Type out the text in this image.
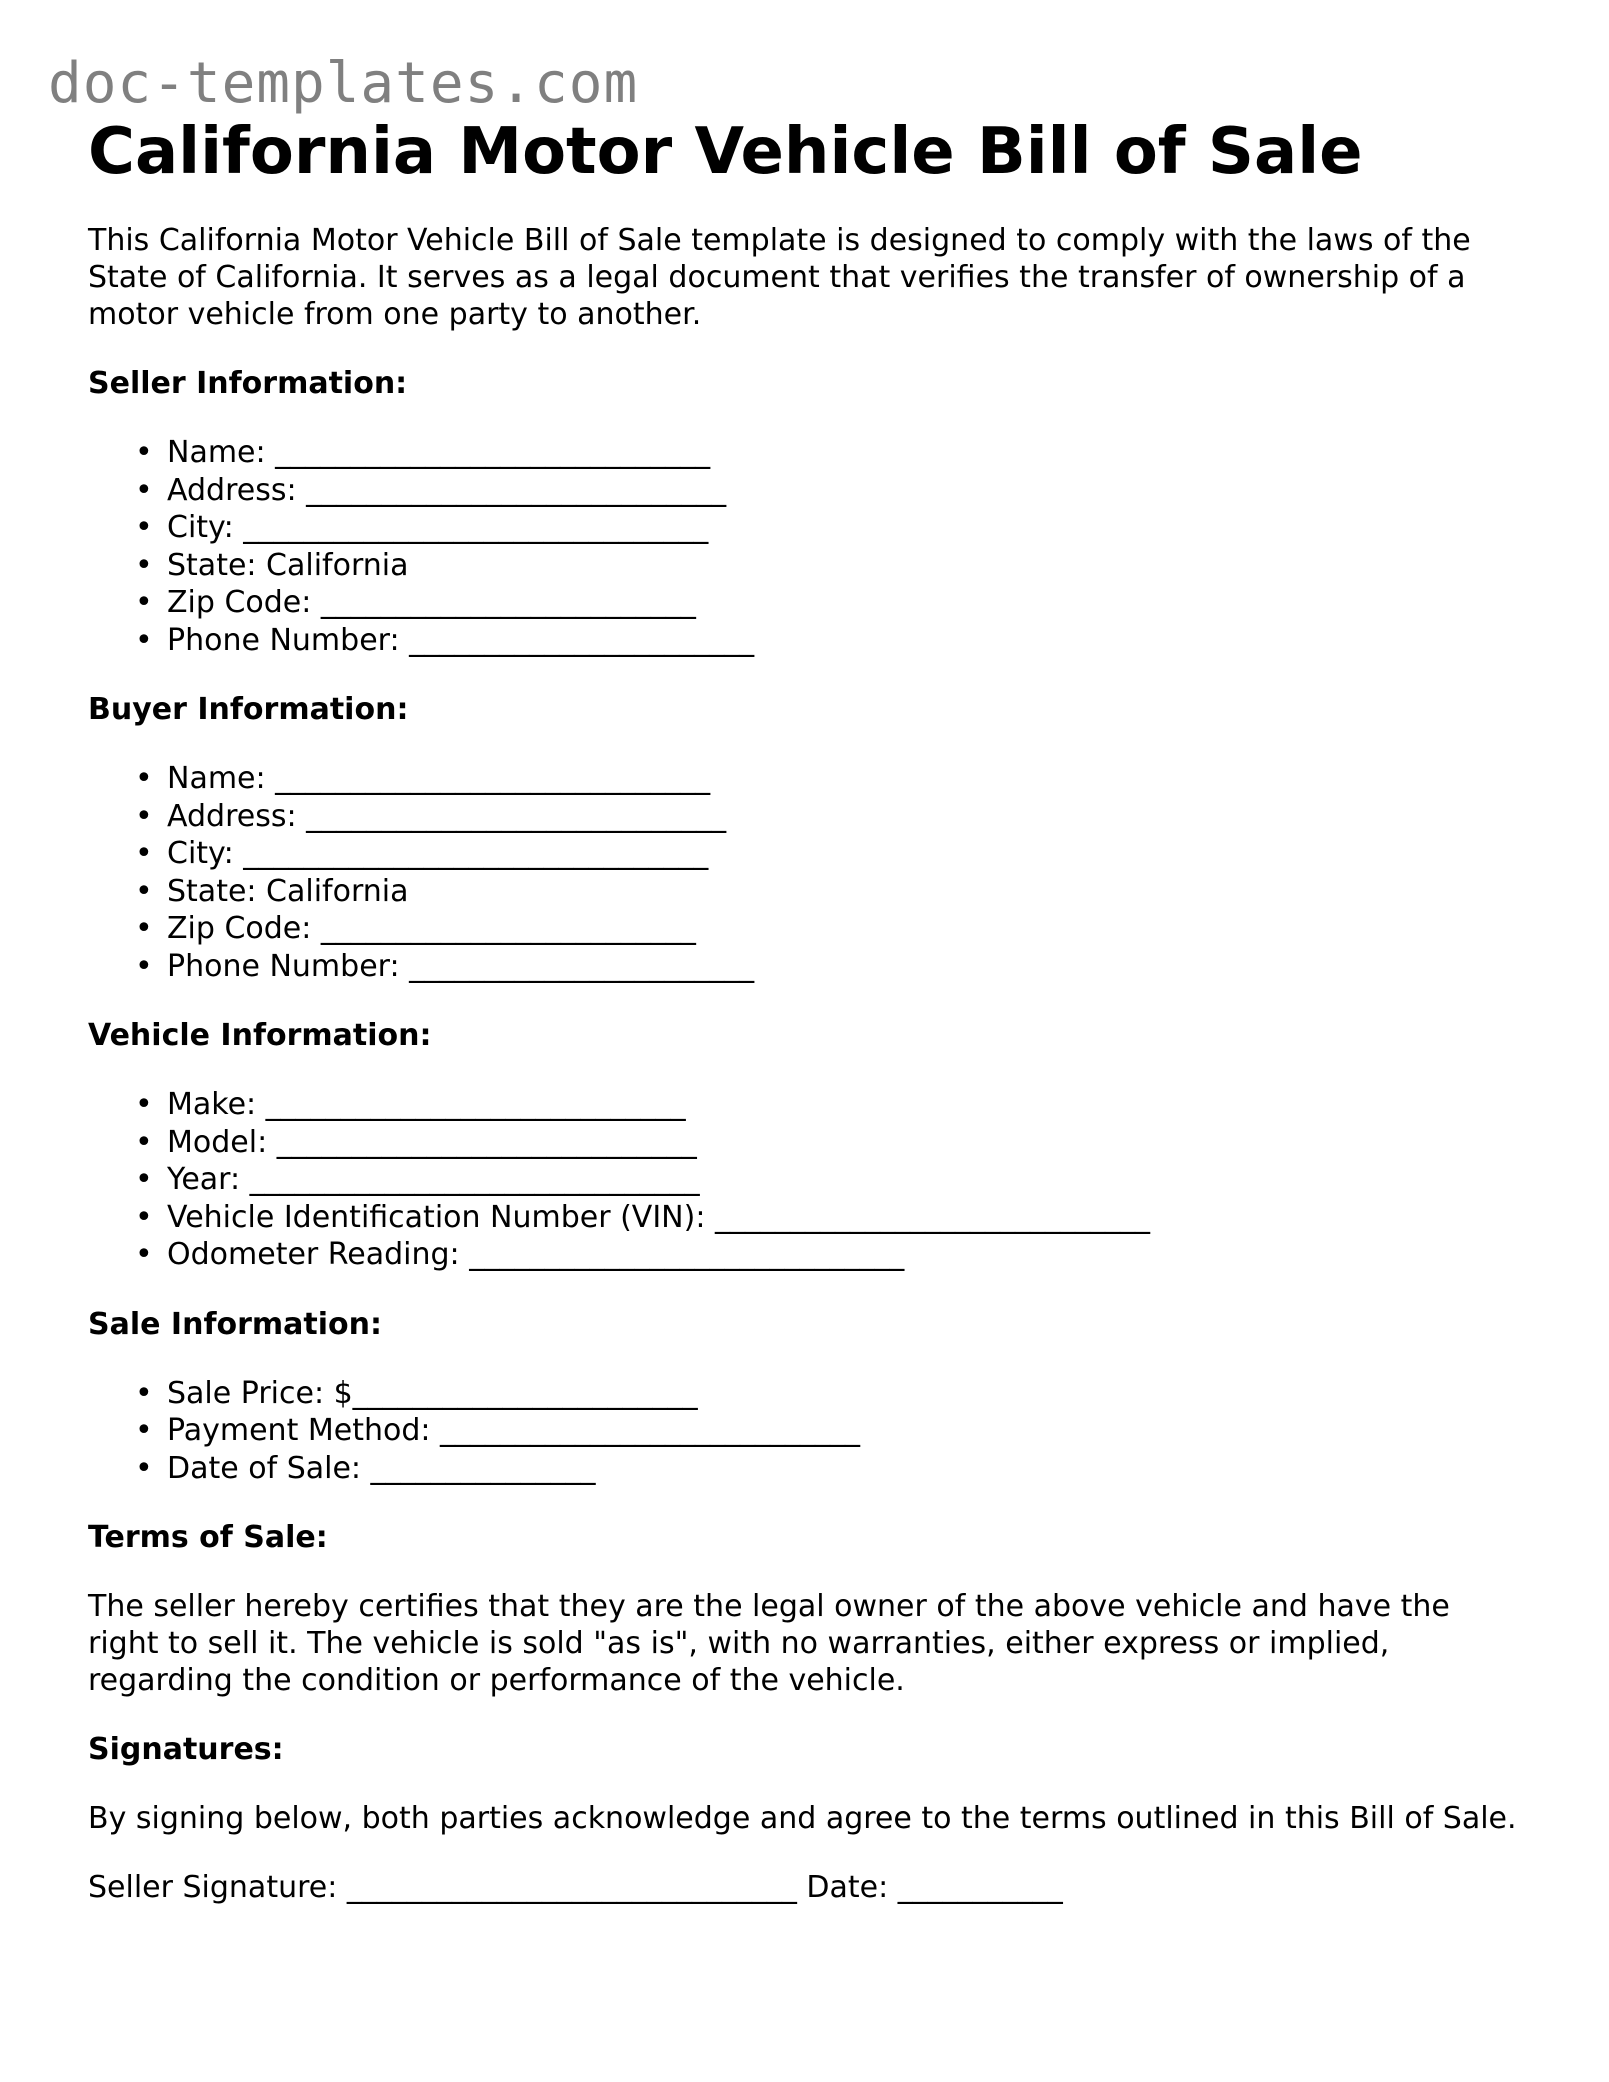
doc-templates.com
California Motor Vehicle Bill of Sale

This California Motor Vehicle Bill of Sale template is designed to comply with the laws of the State of California. It serves as a legal document that verifies the transfer of ownership of a motor vehicle from one party to another.

Seller Information:
• Name: _____________________________
• Address: ____________________________
• City: _______________________________
• State: California
• Zip Code: _________________________
• Phone Number: _______________________
Buyer Information:
• Name: _____________________________
• Address: ____________________________
• City: _______________________________
• State: California
• Zip Code: _________________________
• Phone Number: _______________________
Vehicle Information:
• Make: ____________________________
• Model: ____________________________
• Year: ______________________________
• Vehicle Identification Number (VIN): _____________________________
• Odometer Reading: _____________________________
Sale Information:
• Sale Price: $_______________________
• Payment Method: ____________________________
• Date of Sale: _______________
Terms of Sale:

The seller hereby certifies that they are the legal owner of the above vehicle and have the right to sell it. The vehicle is sold "as is", with no warranties, either express or implied, regarding the condition or performance of the vehicle.

Signatures:

By signing below, both parties acknowledge and agree to the terms outlined in this Bill of Sale.

Seller Signature: ______________________________ Date: ___________
